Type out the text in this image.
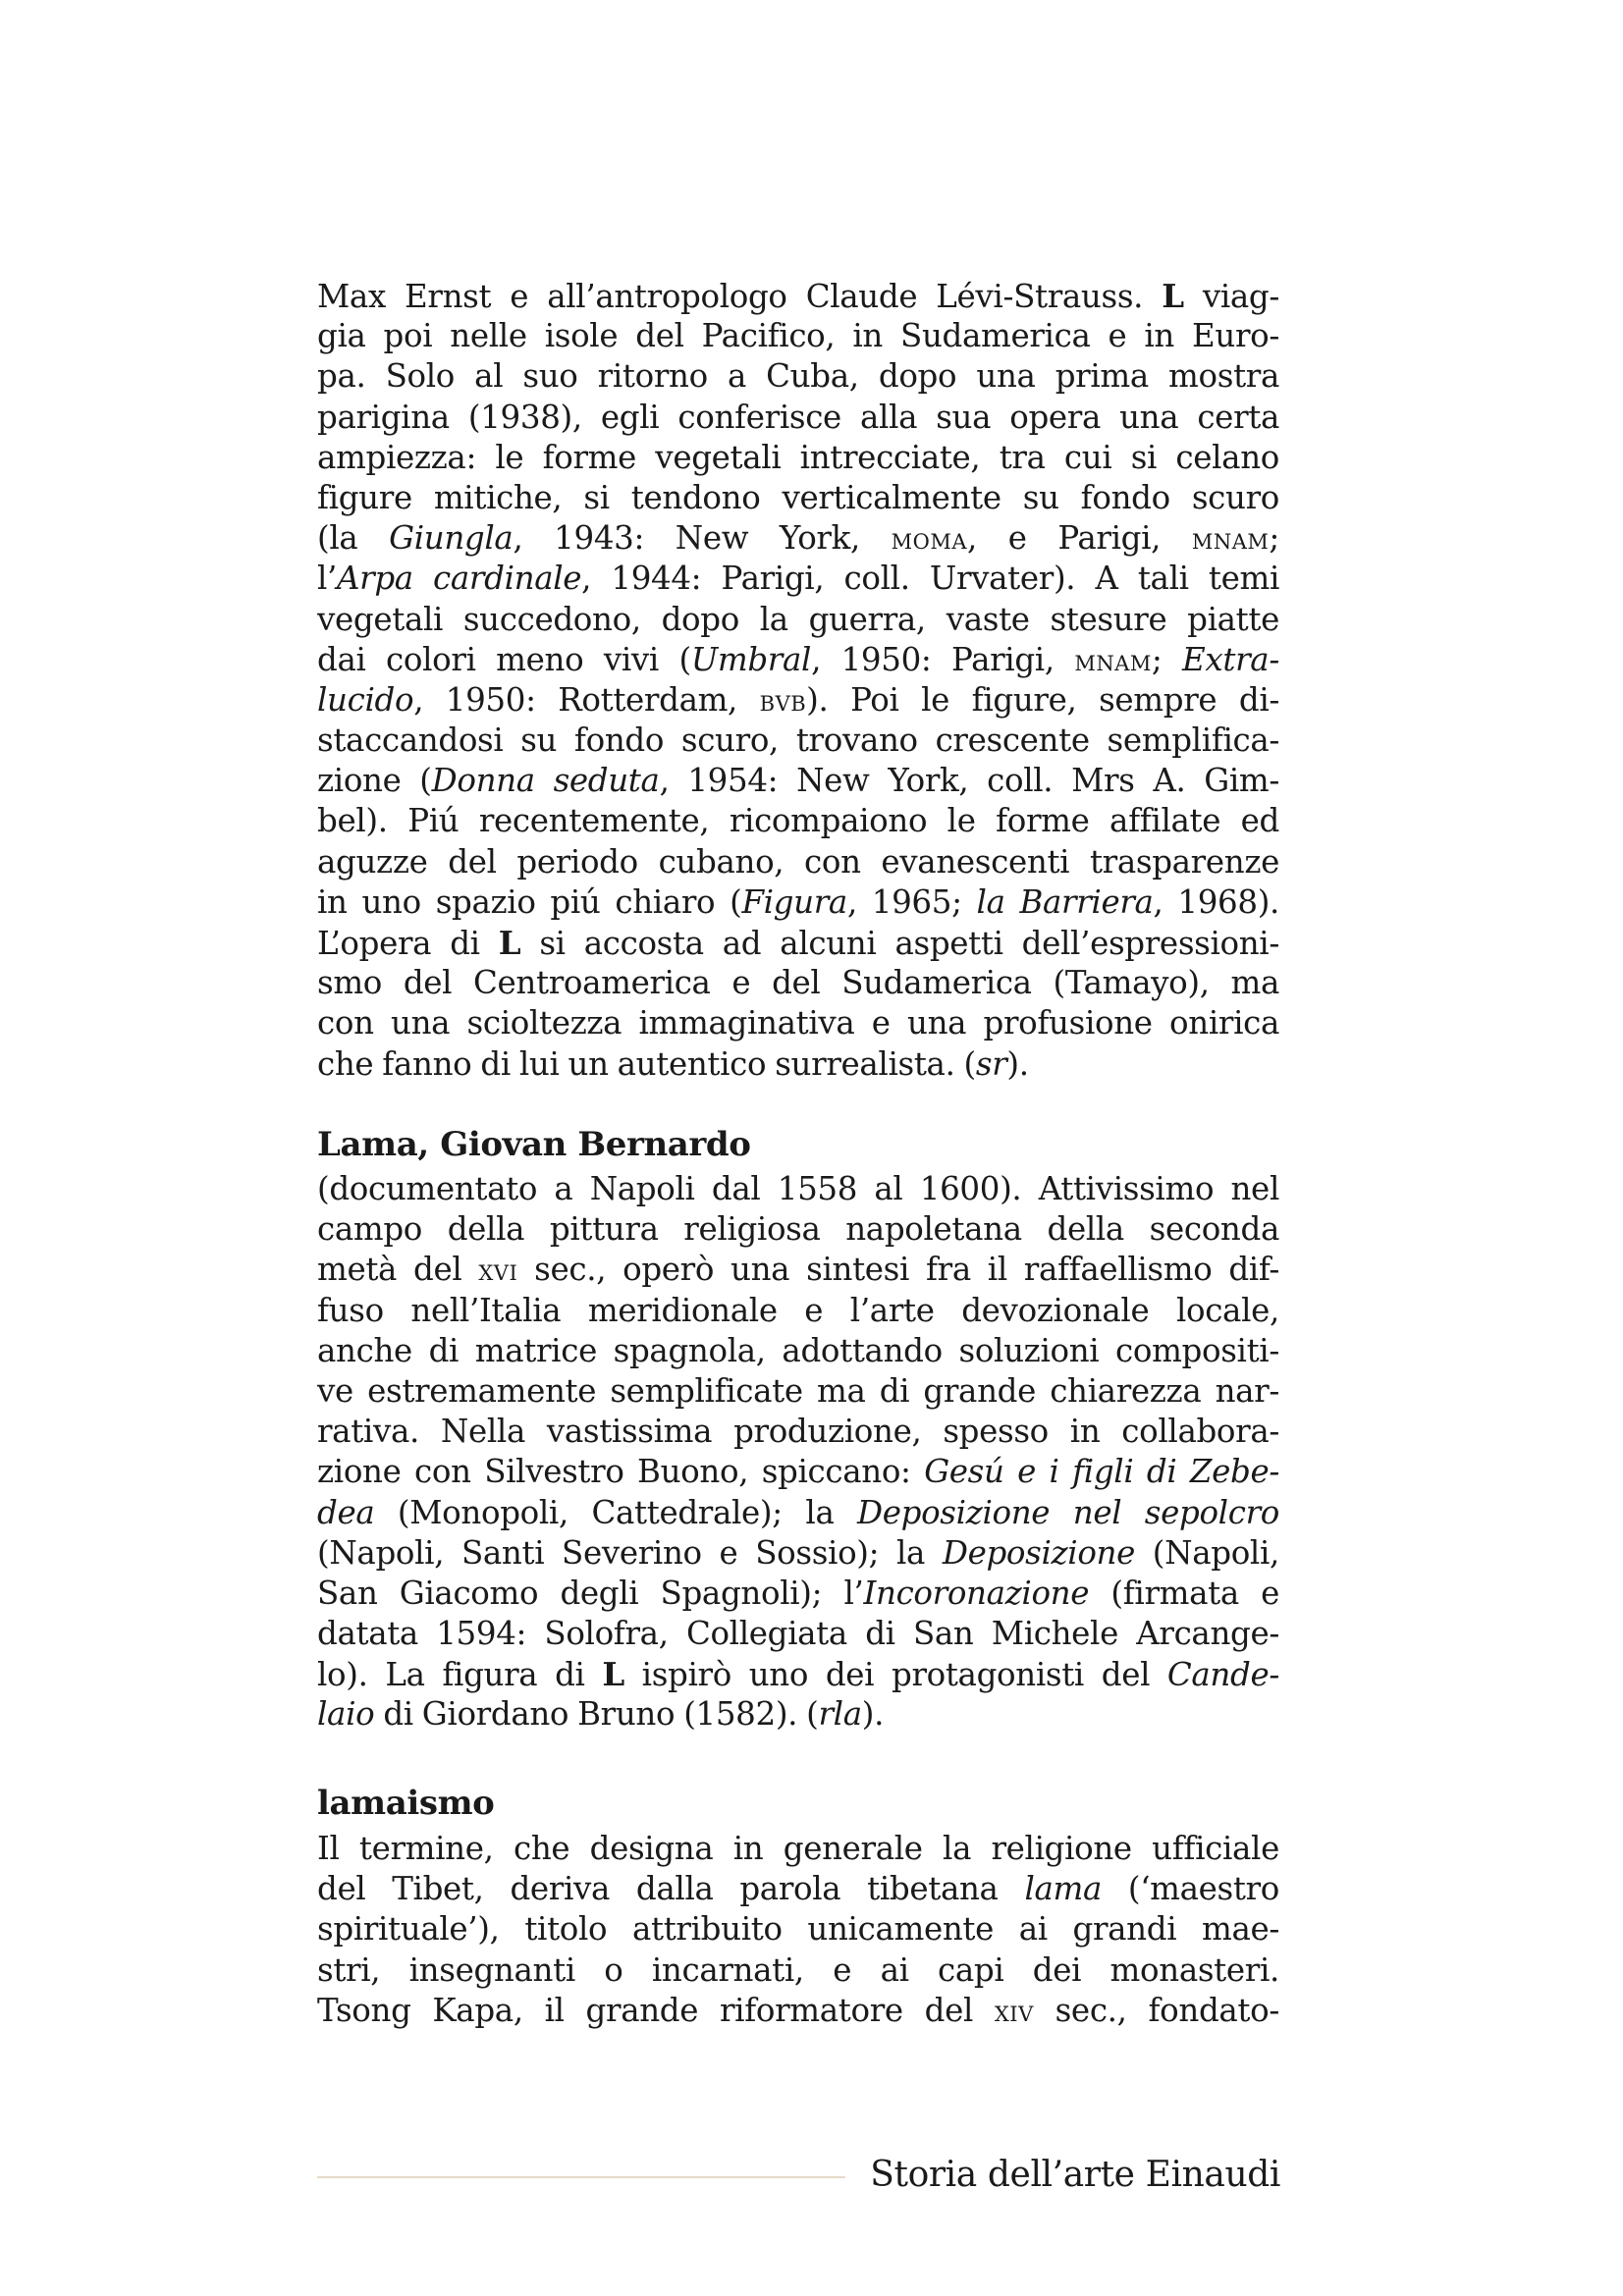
Max Ernst e all’antropologo Claude Lévi-Strauss. L viag-
gia poi nelle isole del Pacifico, in Sudamerica e in Euro-
pa. Solo al suo ritorno a Cuba, dopo una prima mostra
parigina (1938), egli conferisce alla sua opera una certa
ampiezza: le forme vegetali intrecciate, tra cui si celano
figure mitiche, si tendono verticalmente su fondo scuro
(la Giungla, 1943: New York, moma, e Parigi, mnam;
l’Arpa cardinale, 1944: Parigi, coll. Urvater). A tali temi
vegetali succedono, dopo la guerra, vaste stesure piatte
dai colori meno vivi (Umbral, 1950: Parigi, mnam; Extra-
lucido, 1950: Rotterdam, bvb). Poi le figure, sempre di-
staccandosi su fondo scuro, trovano crescente semplifica-
zione (Donna seduta, 1954: New York, coll. Mrs A. Gim-
bel). Piú recentemente, ricompaiono le forme affilate ed
aguzze del periodo cubano, con evanescenti trasparenze
in uno spazio piú chiaro (Figura, 1965; la Barriera, 1968).
L’opera di L si accosta ad alcuni aspetti dell’espressioni-
smo del Centroamerica e del Sudamerica (Tamayo), ma
con una scioltezza immaginativa e una profusione onirica
che fanno di lui un autentico surrealista. (sr).
Lama, Giovan Bernardo
(documentato a Napoli dal 1558 al 1600). Attivissimo nel
campo della pittura religiosa napoletana della seconda
metà del xvi sec., operò una sintesi fra il raffaellismo dif-
fuso nell’Italia meridionale e l’arte devozionale locale,
anche di matrice spagnola, adottando soluzioni compositi-
ve estremamente semplificate ma di grande chiarezza nar-
rativa. Nella vastissima produzione, spesso in collabora-
zione con Silvestro Buono, spiccano: Gesú e i figli di Zebe-
dea (Monopoli, Cattedrale); la Deposizione nel sepolcro
(Napoli, Santi Severino e Sossio); la Deposizione (Napoli,
San Giacomo degli Spagnoli); l’Incoronazione (firmata e
datata 1594: Solofra, Collegiata di San Michele Arcange-
lo). La figura di L ispirò uno dei protagonisti del Cande-
laio di Giordano Bruno (1582). (rla).
lamaismo
Il termine, che designa in generale la religione ufficiale
del Tibet, deriva dalla parola tibetana lama (‘maestro
spirituale’), titolo attribuito unicamente ai grandi mae-
stri, insegnanti o incarnati, e ai capi dei monasteri.
Tsong Kapa, il grande riformatore del xiv sec., fondato-
Storia dell’arte Einaudi
